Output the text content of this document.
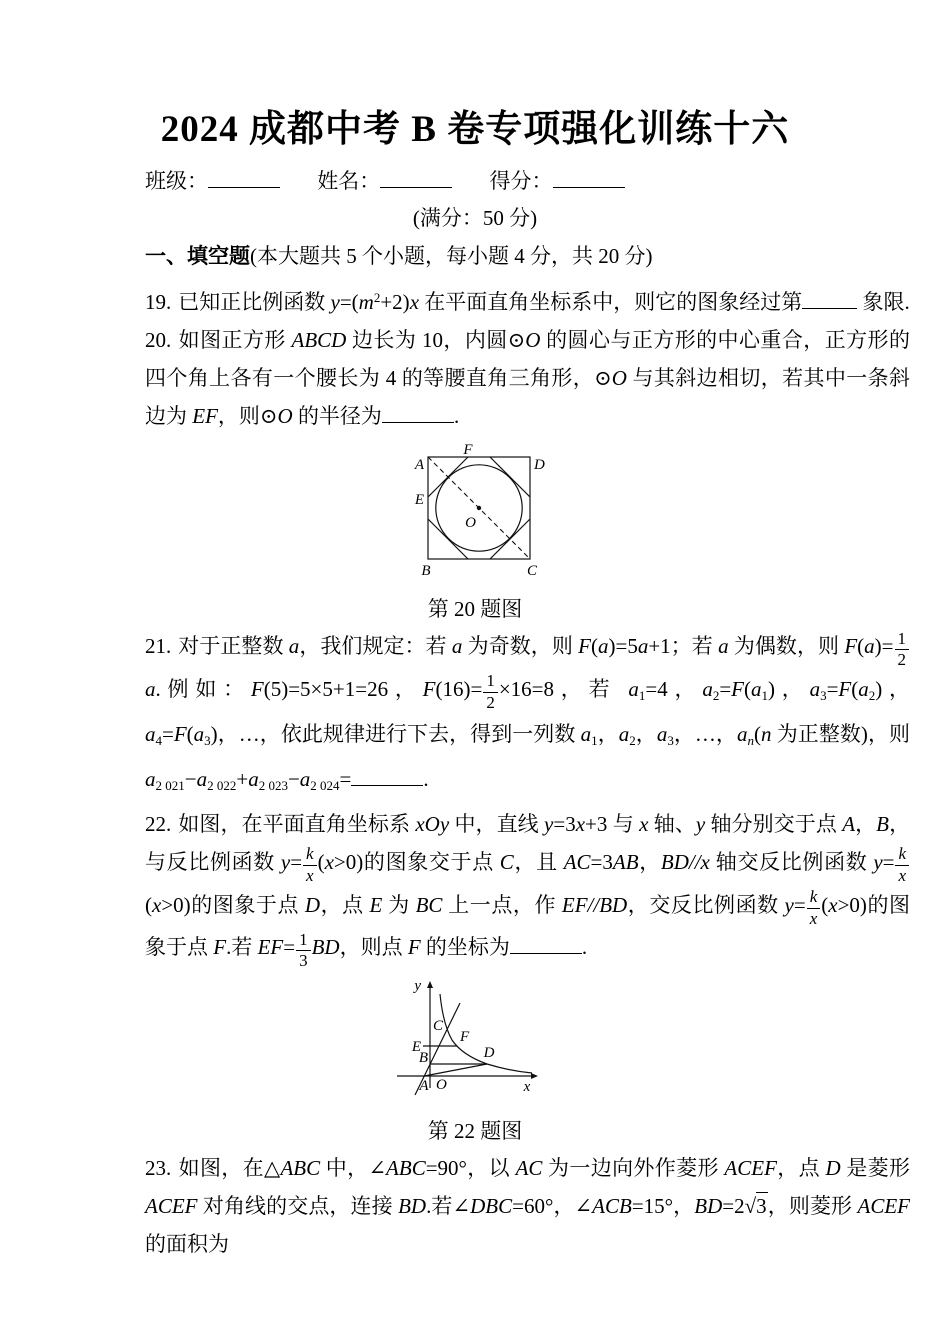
2024 成都中考 B 卷专项强化训练十六
班级：	姓名：	得分：
(满分：50 分)
一、填空题(本大题共 5 个小题，每小题 4 分，共 20 分)

19. 已知正比例函数 $y=(m^2+2)x$ 在平面直角坐标系中，则它的图象经过第	象限.

20. 如图正方形 ABCD 边长为 10，内圆⊙O 的圆心与正方形的中心重合，正方形的四个角上各有一个腰长为 4 的等腰直角三角形，⊙O 与其斜边相切，若其中一条斜边为 EF，则⊙O 的半径为	.

A	D
B	C
F
E
O
第 20 题图

21. 对于正整数 a，我们规定：若 a 为奇数，则 F(a)=5a+1；若 a 为偶数，则 $F(a)= \frac{1}{2}$
a.例如：F(5)=5×5+1=26，$F(16)= \frac{1}{2} \times 16=8$，若 a1=4，a2=F(a1)，a3=F(a2)，a4=F(a3)，…，依此规律进行下去，得到一列数 a1，a2，a3，…，an(n 为正整数)，则 a2 021−a2 022+a2 023−a2 024=	.

22. 如图，在平面直角坐标系 xOy 中，直线 y=3x+3 与 x 轴、y 轴分别交于点 A，B，与反比例函数 $y= \frac{k}{x} (x>0)$的图象交于点 C，且 AC=3AB，BD//x 轴交反比例函数 $y= \frac{k}{x}$
(x>0)的图象于点 D，点 E 为 BC 上一点，作 EF//BD，交反比例函数 $y= \frac{k}{x} (x>0)$的图象于点 F.若 $EF= \frac{1}{3}$ BD，则点 F 的坐标为	.

y
x
O
A
B
C
D
E
F
第 22 题图

23. 如图，在△ABC 中，∠ABC=90°，以 AC 为一边向外作菱形 ACEF，点 D 是菱形 ACEF 对角线的交点，连接 BD.若∠DBC=60°，∠ACB=15°，BD=2√3，则菱形 ACEF 的面积为
